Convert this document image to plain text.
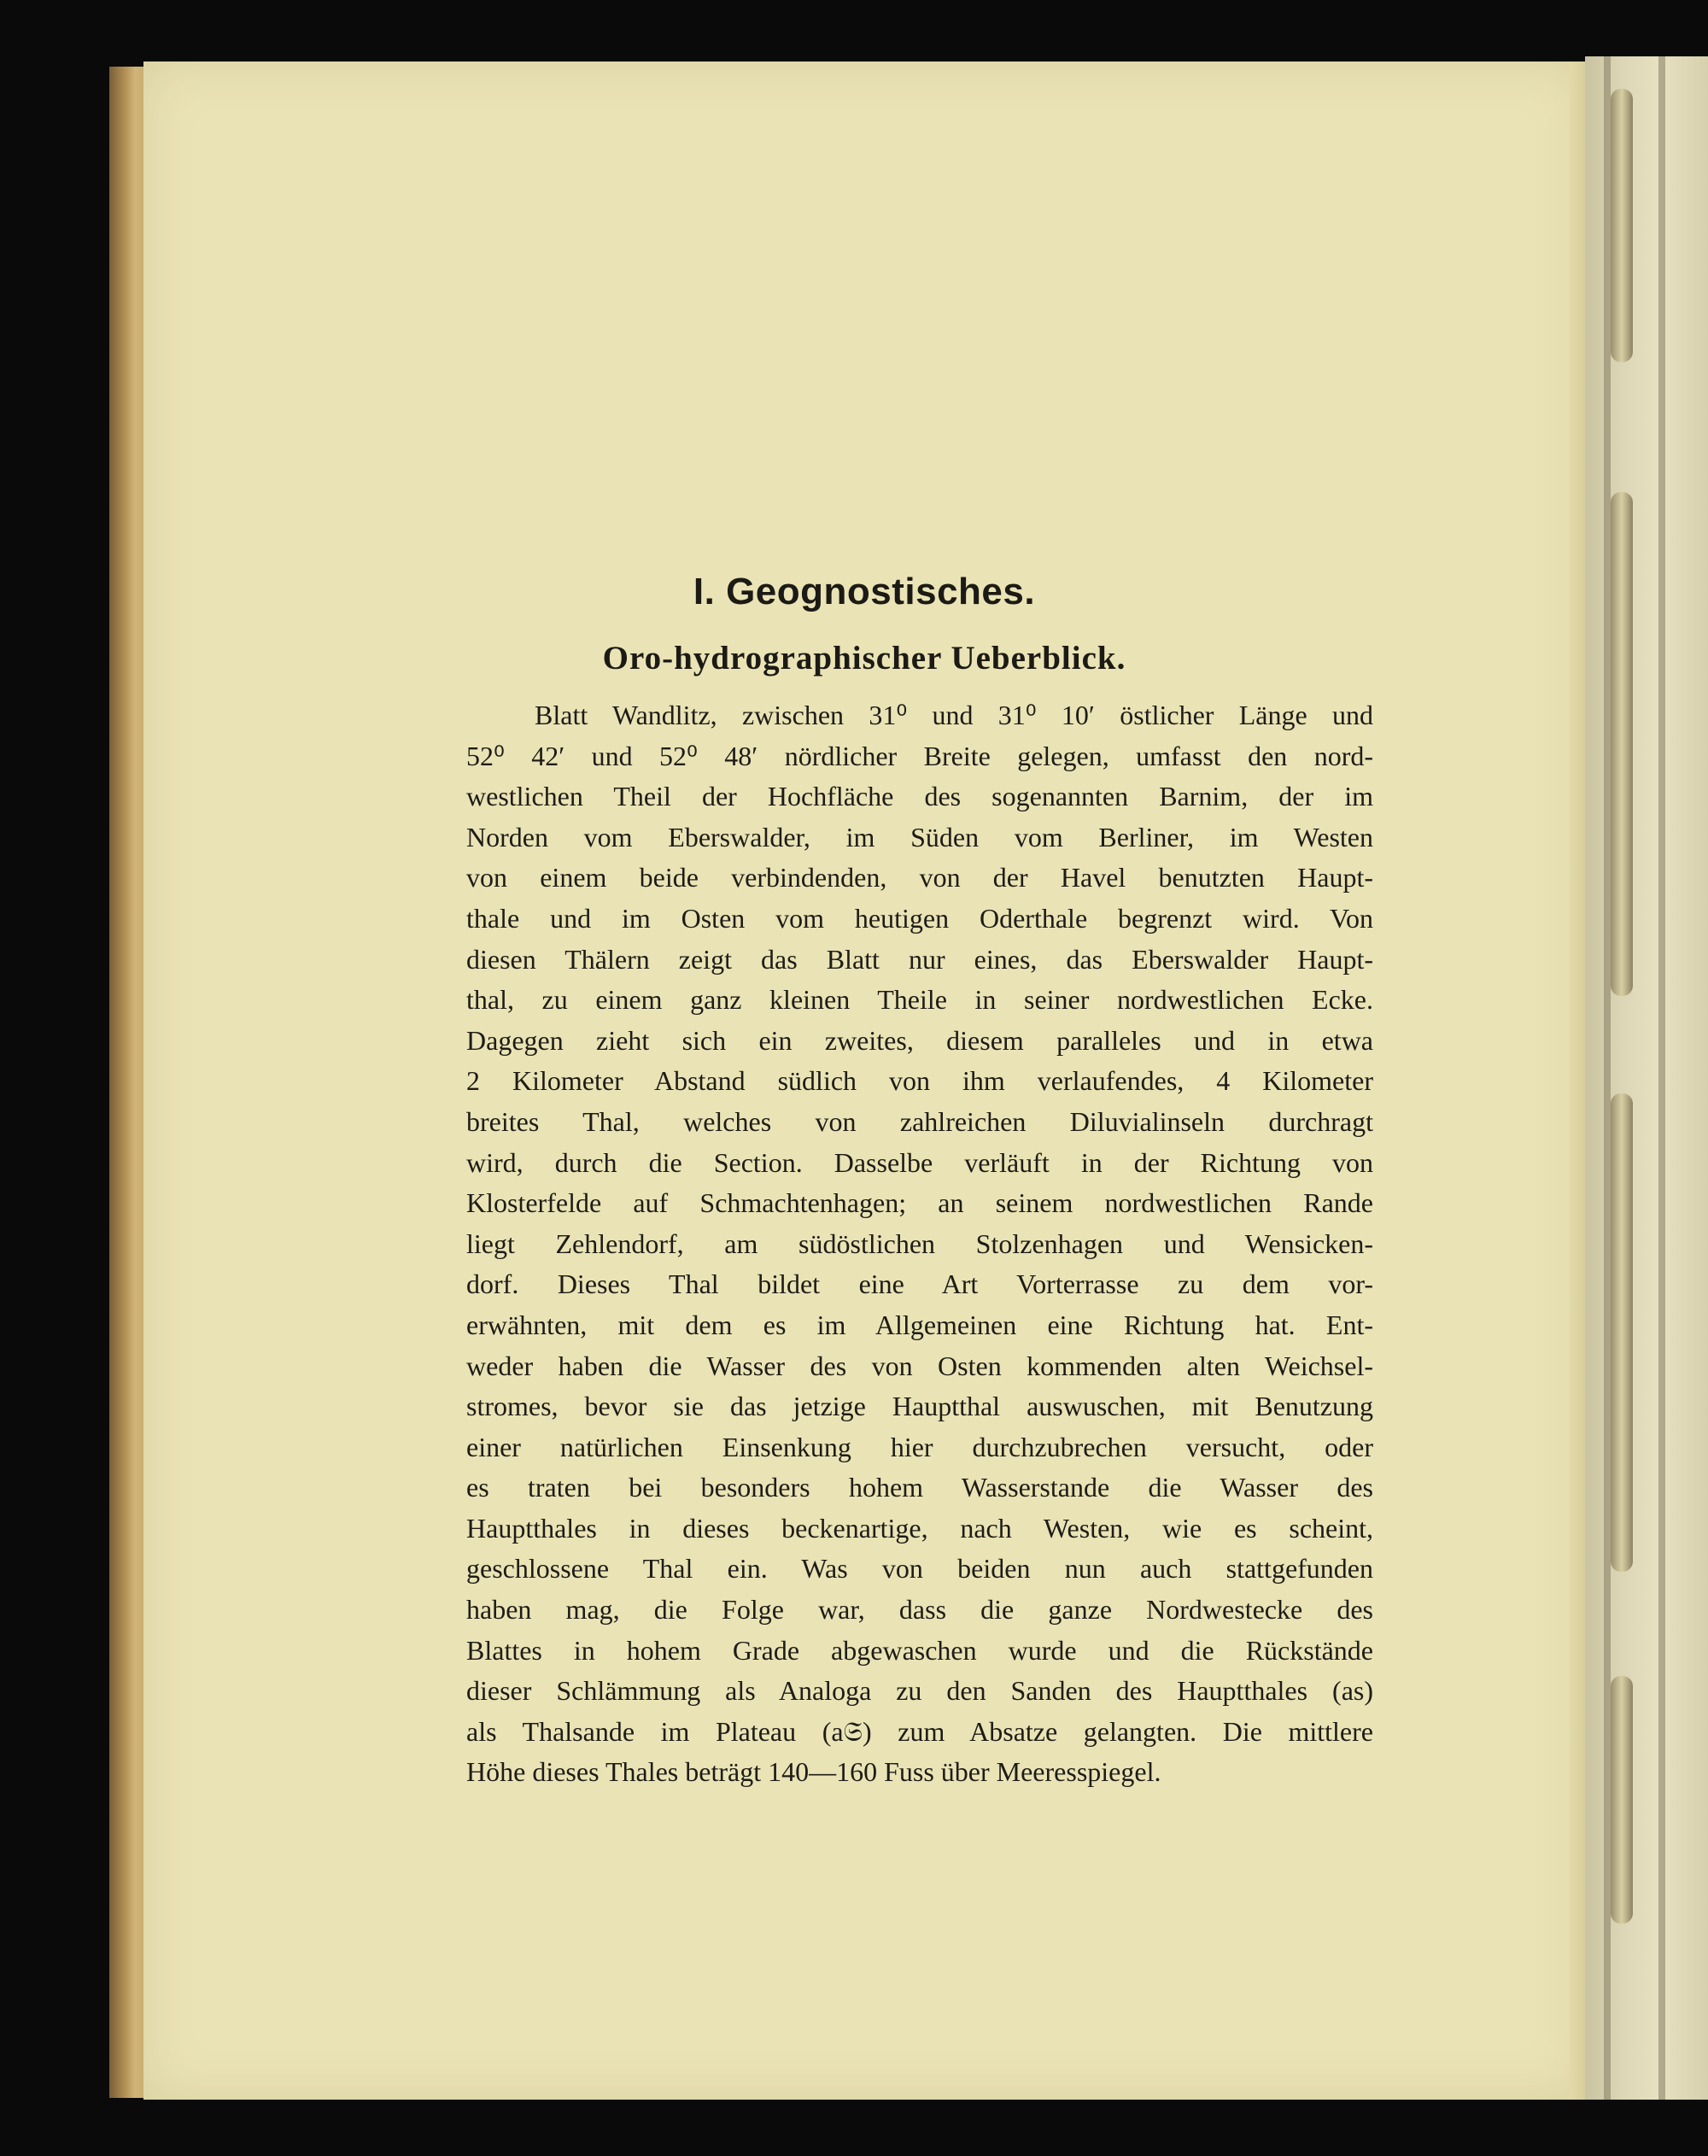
I. Geognostisches.
Oro-hydrographischer Ueberblick.
Blatt Wandlitz, zwischen 31⁰ und 31⁰ 10′ östlicher Länge und
52⁰ 42′ und 52⁰ 48′ nördlicher Breite gelegen, umfasst den nord-
westlichen Theil der Hochfläche des sogenannten Barnim, der im
Norden vom Eberswalder, im Süden vom Berliner, im Westen
von einem beide verbindenden, von der Havel benutzten Haupt-
thale und im Osten vom heutigen Oderthale begrenzt wird. Von
diesen Thälern zeigt das Blatt nur eines, das Eberswalder Haupt-
thal, zu einem ganz kleinen Theile in seiner nordwestlichen Ecke.
Dagegen zieht sich ein zweites, diesem paralleles und in etwa
2 Kilometer Abstand südlich von ihm verlaufendes, 4 Kilometer
breites Thal, welches von zahlreichen Diluvialinseln durchragt
wird, durch die Section. Dasselbe verläuft in der Richtung von
Klosterfelde auf Schmachtenhagen; an seinem nordwestlichen Rande
liegt Zehlendorf, am südöstlichen Stolzenhagen und Wensicken-
dorf. Dieses Thal bildet eine Art Vorterrasse zu dem vor-
erwähnten, mit dem es im Allgemeinen eine Richtung hat. Ent-
weder haben die Wasser des von Osten kommenden alten Weichsel-
stromes, bevor sie das jetzige Hauptthal auswuschen, mit Benutzung
einer natürlichen Einsenkung hier durchzubrechen versucht, oder
es traten bei besonders hohem Wasserstande die Wasser des
Hauptthales in dieses beckenartige, nach Westen, wie es scheint,
geschlossene Thal ein. Was von beiden nun auch stattgefunden
haben mag, die Folge war, dass die ganze Nordwestecke des
Blattes in hohem Grade abgewaschen wurde und die Rückstände
dieser Schlämmung als Analoga zu den Sanden des Hauptthales (as)
als Thalsande im Plateau (a𝔖) zum Absatze gelangten. Die mittlere
Höhe dieses Thales beträgt 140—160 Fuss über Meeresspiegel.
